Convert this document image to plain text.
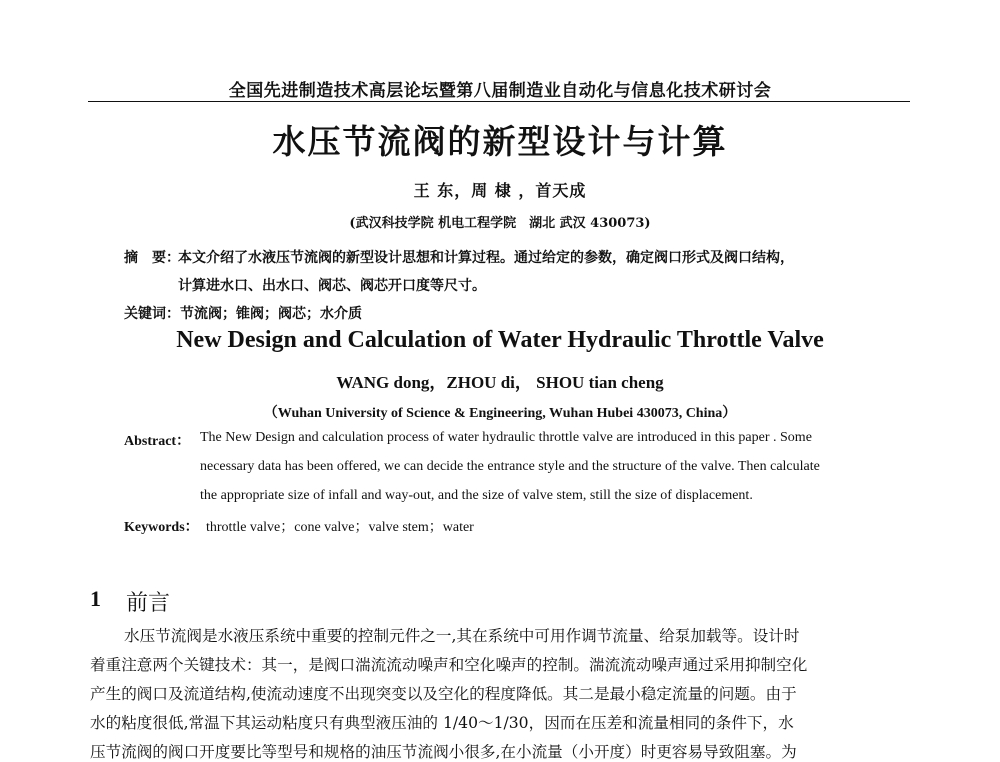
全国先进制造技术高层论坛暨第八届制造业自动化与信息化技术研讨会
水压节流阀的新型设计与计算
王 东，周 棣 ，首天成
(武汉科技学院 机电工程学院　湖北 武汉 430073)
摘　要：
本文介绍了水液压节流阀的新型设计思想和计算过程。通过给定的参数，确定阀口形式及阀口结构，
计算进水口、出水口、阀芯、阀芯开口度等尺寸。
关键词：节流阀；锥阀；阀芯；水介质
New Design and Calculation of Water Hydraulic Throttle Valve
WANG dong，ZHOU di， SHOU tian cheng
（Wuhan University of Science & Engineering, Wuhan Hubei 430073, China）
Abstract： The New Design and calculation process of water hydraulic throttle valve are introduced in this paper . Some
necessary data has been offered, we can decide the entrance style and the structure of the valve. Then calculate
the appropriate size of infall and way-out, and the size of valve stem, still the size of displacement.
Keywords： throttle valve；cone valve；valve stem；water
1 前言
水压节流阀是水液压系统中重要的控制元件之一,其在系统中可用作调节流量、给泵加载等。设计时
着重注意两个关键技术：其一，是阀口湍流流动噪声和空化噪声的控制。湍流流动噪声通过采用抑制空化
产生的阀口及流道结构,使流动速度不出现突变以及空化的程度降低。其二是最小稳定流量的问题。由于
水的粘度很低,常温下其运动粘度只有典型液压油的 1/40～1/30，因而在压差和流量相同的条件下，水
压节流阀的阀口开度要比等型号和规格的油压节流阀小很多,在小流量（小开度）时更容易导致阻塞。为
